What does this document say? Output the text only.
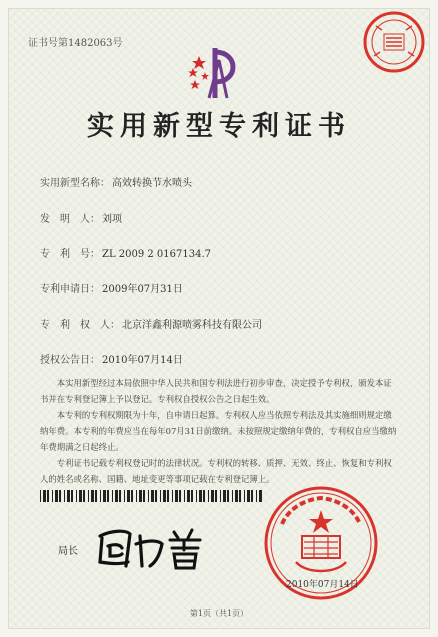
证书号第1482063号
实用新型专利证书
实用新型名称： 高效转换节水喷头
发　明　人： 刘项
专　利　号： ZL 2009 2 0167134.7
专利申请日： 2009年07月31日
专　利　权　人： 北京洋鑫利源喷雾科技有限公司
授权公告日： 2010年07月14日

本实用新型经过本局依照中华人民共和国专利法进行初步审查，决定授予专利权，颁发本证书并在专利登记簿上予以登记。专利权自授权公告之日起生效。

本专利的专利权期限为十年，自申请日起算。专利权人应当依照专利法及其实施细则规定缴纳年费。本专利的年费应当在每年07月31日前缴纳。未按照规定缴纳年费的，专利权自应当缴纳年费期满之日起终止。

专利证书记载专利权登记时的法律状况。专利权的转移、质押、无效、终止、恢复和专利权人的姓名或名称、国籍、地址变更等事项记载在专利登记簿上。

局长
2010年07月14日
第1页（共1页）
